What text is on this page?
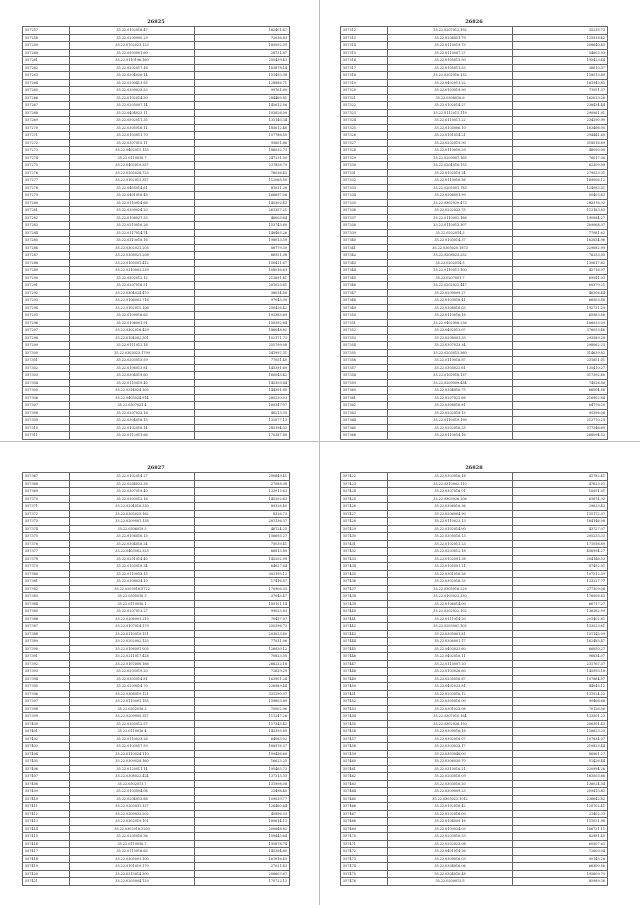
26825
557257	35.22.0102016.47	162401.47
557258	35.22.0200900.29	72036.83
557259	35.22.0702023.123	185092.35
557260	35.22.0503001.60	26731.87
557261	35.22.0110106.160	255439.43
557262	35.22.0202017.16	163878.14
557263	35.22.0304026.14	151493.38
557264	35.22.0200413.55	128886.71
557265	35.22.0309025.53	99761.69
557266	35.22.0102014.30	284469.81
557267	35.22.0205007.14	145612.56
557268	35.22.0404023.11	103826.09
557269	35.22.0502011.35	135140.34
557270	35.22.0305016.11	185612.48
557271	35.22.0103011.70	107786.55
557272	35.22.0307015.11	95601.86
557273	35.22.0402011.135	186032.73
557274	35.22.0110016.7	247231.30
557275	35.22.0403019.357	237858.79
557276	35.22.0205028.725	76036.43
557277	35.22.0102011.357	112065.50
557278	35.22.0405014.61	81031.28
557279	35.22.0401016.43	166697.06
557280	35.22.0110014.68	145302.43
557281	35.22.0309024.20	261357.21
557282	35.22.0108027.33	46003.64
557283	35.22.0310016.26	153745.60
557284	35.22.0117014.74	146465.26
557285	35.22.0310018.16	198013.59
557286	35.22.0302021.205	86779.30
557287	35.22.0308021.208	66951.08
557288	35.22.0105001.412	150411.67
557289	35.22.0310002.239	108016.63
557290	35.22.0502012.12	212691.41
557291	35.22.0207016.51	201023.61
557292	35.22.0304024.470	38024.56
557293	35.22.0106002.716	97045.30
557294	35.22.0102011.106	250426.42
557295	35.22.0109016.63	192385.69
557296	35.22.0106001.91	150392.64
557297	35.22.0302016.429	186048.82
557298	35.22.0104002.301	102171.73
557299	35.22.0111012.16	255799.08
557300	35.22.0303023.1799	241997.31
557301	35.22.0203015.59	77051.40
557302	35.22.0106013.81	145391.69
557303	35.22.0304019.60	160045.42
557304	35.22.0110019.40	145303.64
557305	35.22.0314024.305	144391.85
557306	35.22.0403024.914	285230.33
557307	35.22.0307021.4	160347.07
557308	35.22.0207022.16	46213.35
557309	35.22.0304016.15	132077.13
557310	35.22.0102016.14	285394.03
557311	35.22.0112011.66	170387.60
26826
557312	35.22.0207012.192	35235.73
557313	35.22.0208011.79	125938.42
557314	35.22.0110019.73	208640.45
557315	35.22.0110007.27	54603.93
557316	35.22.0105013.50	195423.44
557317	35.22.0105011.53	36610.37
557318	35.22.0202016.132	118513.89
557319	35.22.0402013.22	181945.85
557320	35.22.0103019.90	71051.37
557321	35.22.0308016.6	162023.26
557322	35.22.0102014.27	238434.44
557323	35.22.0112011.119	290961.91
557324	35.22.0110011.22	234290.99
557325	35.22.0103006.10	163466.90
557326	35.22.0101014.21	294441.60
557327	35.22.0202019.90	318516.89
557328	35.22.0110016.29	46090.00
557329	35.22.0209007.165	76017.36
557330	35.22.0204016.153	62309.99
557331	35.22.0102019.24	279023.31
557332	35.22.0110016.56	169006.12
557333	35.22.0205001.783	124083.31
557334	35.22.0206001.99	50403.63
557335	35.22.0302029.473	283376.32
557336	35.22.0202023.75	112183.83
557337	35.22.0110002.166	190084.27
557338	35.22.0110013.307	209068.37
557339	35.22.0202014.3	77981.62
557340	35.22.0103014.37	162834.96
557341	35.22.0305020.1873	229082.99
557342	35.22.0208023.252	76253.05
557343	35.22.0202014.5	130617.62
557344	35.22.0110011.100	42716.97
557345	35.22.0207001.7	69541.03
557346	35.22.0202022.447	60379.21
557347	35.22.0209009.27	46306.44
557348	35.22.0103018.41	66503.56
557349	35.22.0308016.03	192731.29
557350	35.22.0110016.18	65563.56
557351	35.22.0402008.236	166033.09
557352	35.22.0402012.07	376053.46
557353	35.22.0208001.35	293589.28
557354	35.22.0307023.34	298062.23
557355	35.22.0203015.360	314639.82
557356	35.22.0110016.87	231851.01
557357	35.22.0305022.61	135410.27
557358	35.22.0102016.137	317392.60
557359	35.22.0209009.434	74026.56
557360	35.22.0304016.75	66504.56
557361	35.22.0207022.68	216902.84
557362	35.22.0308016.81	64776.20
557363	35.22.0202018.15	95396.06
557364	35.22.0110019.199	212770.29
557365	35.22.0202016.25	377346.69
557366	35.22.0110014.16	268094.32
26827
557367	35.22.0102014.27	290649.41
557368	35.22.0204022.38	27088.08
557369	35.22.0307019.40	133915.63
557370	35.22.0303012.16	145202.63
557371	35.22.0204016.330	89326.40
557372	35.22.0305025.162	8326.73
557373	35.22.0209001.138	281136.37
557374	35.22.0306019.5	46724.25
557375	35.22.0106016.15	156693.27
557376	35.22.0304016.24	75039.41
557377	35.22.0403002.323	66813.80
557378	35.22.0201014.40	145202.99
557379	35.22.0103018.34	64627.64
557380	35.22.0110013.15	302195.12
557381	35.22.0308024.10	17416.57
557382	35.22.0203016.5722	170906.33
557383	35.22.0305016.3	37043.47
557384	35.22.0110016.1	189101.14
557385	35.22.0207013.27	99023.83
557386	35.22.0208001.219	70457.07
557387	35.22.0107014.179	250396.73
557388	35.22.0110019.151	203023.60
557389	35.22.0202002.125	77031.06
557390	35.22.0106001.005	126930.12
557391	35.22.0211017.428	70823.30
557392	35.22.0107008.166	266222.18
557393	35.22.0203019.20	72629.29
557394	35.22.0303014.81	163901.24
557395	35.22.0209014.70	226989.44
557396	35.22.0308019.121	331290.37
557397	35.22.0110001.155	159603.89
557398	35.22.0302016.3	70002.96
557399	35.22.0209005.357	111247.26
557400	35.22.0303012.57	157343.42
557401	35.22.0110016.4	145393.85
557402	35.22.0110023.26	64085.02
557403	35.22.0103017.59	166976.37
557404	35.22.0110024.110	109436.60
557405	35.22.0309028.160	16623.25
557406	35.22.0120011.14	195465.73
557407	35.22.0308022.424	137315.35
557408	35.22.0302011.7	131998.08
557409	35.22.0103004.06	22498.40
557410	35.22.0204013.88	109039.77
557411	35.22.0203031.157	126460.64
557412	35.22.0209032.202	40896.33
557413	35.22.0302019.101	180614.13
557414	35.22.0302018.3203	200648.82
557415	35.22.0205016.36	109445.64
557416	35.22.0110016.7	195878.74
557417	35.22.0115016.63	145364.60
557418	35.22.0305001.100	161916.43
557419	35.22.0101019.170	27021.43
557420	35.22.0313014.300	206603.67
557421	35.22.0205004.129	170722.13
26828
557422	35.22.0303016.18	41782.41
557423	35.22.0310002.110	47623.03
557424	35.22.0307016.01	10091.31
557425	35.22.0303026.206	61674.32
557426	35.22.0306016.36	29633.43
557427	35.22.0206004.90	155172.37
557428	35.22.0110023.13	164146.98
557429	35.22.0102014.90	43727.07
557430	35.22.0305016.13	295235.33
557431	35.22.0102011.23	171056.89
557432	35.22.0203012.18	406994.27
557433	35.22.0102001.38	204148.33
557434	35.22.0105001.21	87452.01
557435	35.22.0301016.28	107512.39
557436	35.22.0302016.55	133227.77
557437	35.22.0305016.229	277309.06
557438	35.22.0103022.230	176008.63
557439	35.22.0106014.00	66717.27
557440	35.22.0202022.102	136262.99
557441	35.22.0111014.20	201402.61
557442	35.22.0203001.105	153023.61
557443	35.22.0305001.81	151145.09
557444	35.22.0308001.17	162485.47
557445	35.22.0403023.60	66050.27
557446	35.22.0402016.11	96834.07
557447	35.22.0115007.20	231767.37
557448	35.22.0103026.60	145993.18
557449	35.22.0205016.67	107864.57
557450	35.22.0402023.81	44045.12
557451	35.22.0203016.12	131024.22
557452	35.22.0305016.00	90466.66
557453	35.22.0301023.08	70126.56
557454	35.22.0307010.164	133501.23
557455	35.22.0302026.150	206301.43
557456	35.22.0309016.18	116623.25
557457	35.22.0302016.07	107834.07
557458	35.22.0303023.17	210823.44
557459	35.22.0303040.00	86961.27
557460	35.22.0306030.70	51426.44
557461	35.22.0310016.21	220994.26
557462	35.22.0203016.09	163503.86
557463	35.22.0303016.20	136024.34
557464	35.22.0309009.23	209413.82
557465	35.22.0305023.1012	236642.82
557466	35.22.0102016.42	120702.41
557467	35.22.0202016.00	21402.33
557468	35.22.0104009.16	151031.98
557469	35.22.0109024.03	166731.11
557470	35.22.0203016.53	82981.45
557471	35.22.0202023.08	60507.63
557472	35.22.0401014.26	72600.04
557473	35.22.0309016.03	90145.26
557474	35.22.0304016.06	66300.56
557475	35.22.0304016.48	195609.70
557476	35.22.0209013.5	85989.36
